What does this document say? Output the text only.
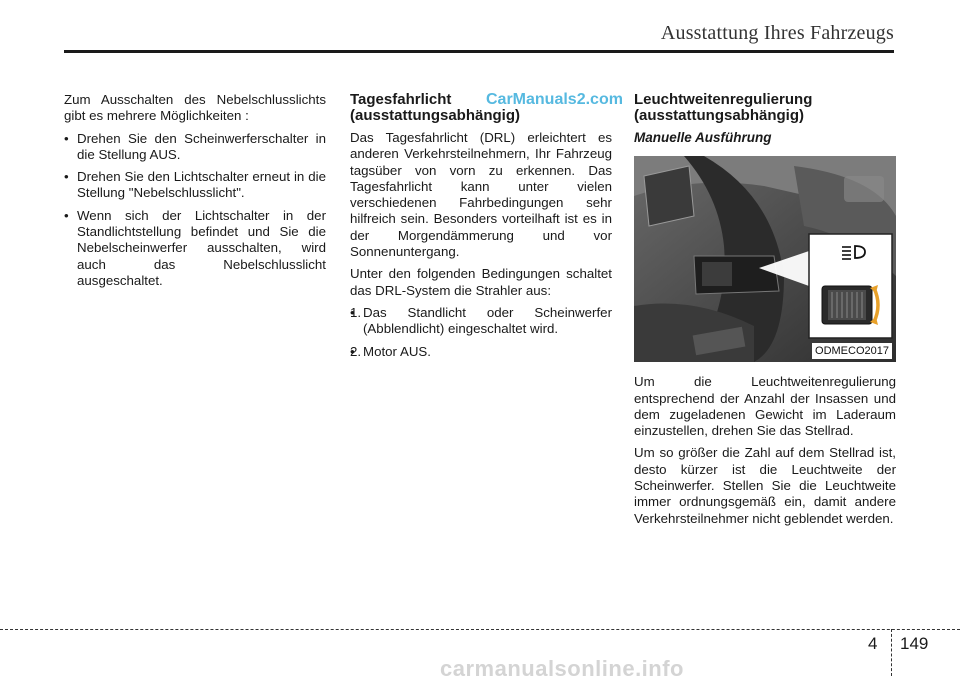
Ausstattung Ihres Fahrzeugs

Zum Ausschalten des Nebelschlusslichts gibt es mehrere Möglichkeiten :

• Drehen Sie den Scheinwerferschalter in die Stellung AUS.
• Drehen Sie den Lichtschalter erneut in die Stellung "Nebelschlusslicht".
• Wenn sich der Lichtschalter in der Standlichtstellung befindet und Sie die Nebelscheinwerfer ausschalten, wird auch das Nebelschlusslicht ausgeschaltet.
Tagesfahrlicht
(ausstattungsabhängig)

Das Tagesfahrlicht (DRL) erleichtert es anderen Verkehrsteilnehmern, Ihr Fahrzeug tagsüber von vorn zu erkennen. Das Tagesfahrlicht kann unter vielen verschiedenen Fahrbedingungen sehr hilfreich sein. Besonders vorteilhaft ist es in der Morgendämmerung und vor Sonnenuntergang.

Unter den folgenden Bedingungen schaltet das DRL-System die Strahler aus:

• 1. Das Standlicht oder Scheinwerfer (Abblendlicht) eingeschaltet wird.
• 2. Motor AUS.
CarManuals2.com Leuchtweitenregulierung
(ausstattungsabhängig)
Manuelle Ausführung
ODMECO2017

Um die Leuchtweitenregulierung entsprechend der Anzahl der Insassen und dem zugeladenen Gewicht im Laderaum einzustellen, drehen Sie das Stellrad.

Um so größer die Zahl auf dem Stellrad ist, desto kürzer ist die Leuchtweite der Scheinwerfer. Stellen Sie die Leuchtweite immer ordnungsgemäß ein, damit andere Verkehrsteilnehmer nicht geblendet werden.

4 149
carmanualsonline.info
